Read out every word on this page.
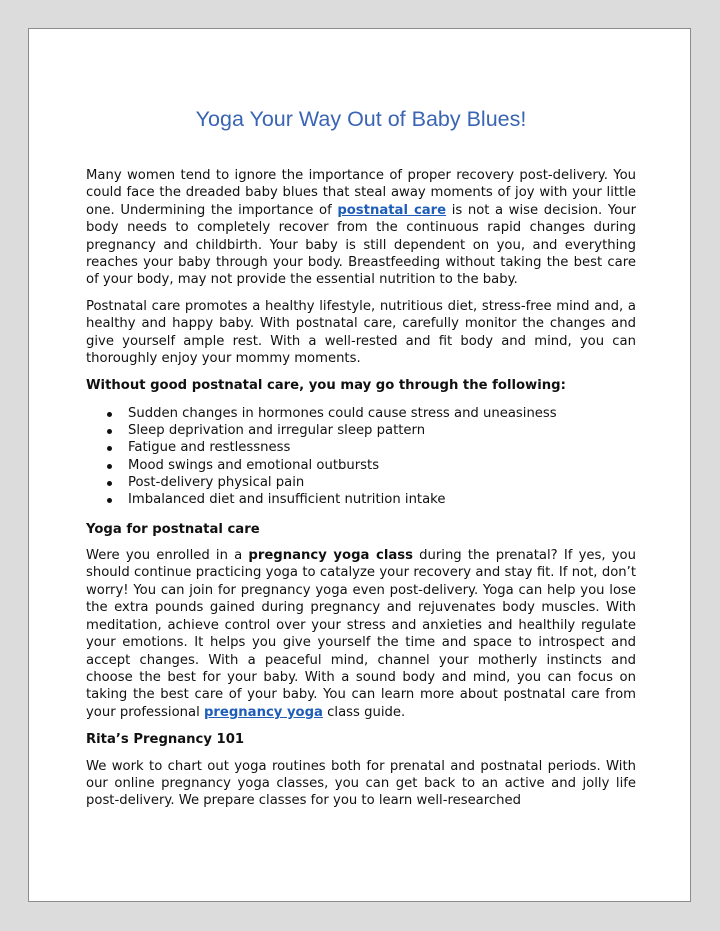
Yoga Your Way Out of Baby Blues!

Many women tend to ignore the importance of proper recovery post-delivery. You could face the dreaded baby blues that steal away moments of joy with your little one. Undermining the importance of postnatal care is not a wise decision. Your body needs to completely recover from the continuous rapid changes during pregnancy and childbirth. Your baby is still dependent on you, and everything reaches your baby through your body. Breastfeeding without taking the best care of your body, may not provide the essential nutrition to the baby.

Postnatal care promotes a healthy lifestyle, nutritious diet, stress-free mind and, a healthy and happy baby. With postnatal care, carefully monitor the changes and give yourself ample rest. With a well-rested and fit body and mind, you can thoroughly enjoy your mommy moments.

Without good postnatal care, you may go through the following:

Sudden changes in hormones could cause stress and uneasiness
Sleep deprivation and irregular sleep pattern
Fatigue and restlessness
Mood swings and emotional outbursts
Post-delivery physical pain
Imbalanced diet and insufficient nutrition intake

Yoga for postnatal care

Were you enrolled in a pregnancy yoga class during the prenatal? If yes, you should continue practicing yoga to catalyze your recovery and stay fit. If not, don’t worry! You can join for pregnancy yoga even post-delivery. Yoga can help you lose the extra pounds gained during pregnancy and rejuvenates body muscles. With meditation, achieve control over your stress and anxieties and healthily regulate your emotions. It helps you give yourself the time and space to introspect and accept changes. With a peaceful mind, channel your motherly instincts and choose the best for your baby. With a sound body and mind, you can focus on taking the best care of your baby. You can learn more about postnatal care from your professional pregnancy yoga class guide.

Rita’s Pregnancy 101

We work to chart out yoga routines both for prenatal and postnatal periods. With our online pregnancy yoga classes, you can get back to an active and jolly life post-delivery. We prepare classes for you to learn well-researched
